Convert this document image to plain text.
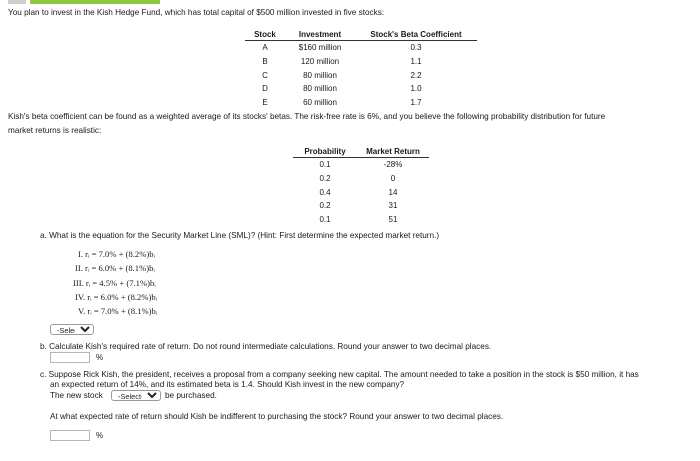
You plan to invest in the Kish Hedge Fund, which has total capital of $500 million invested in five stocks:
Stock	Investment	Stock's Beta Coefficient
A	$160 million	0.3
B	120 million	1.1
C	80 million	2.2
D	80 million	1.0
E	60 million	1.7
Kish's beta coefficient can be found as a weighted average of its stocks' betas. The risk-free rate is 6%, and you believe the following probability distribution for future
market returns is realistic:
Probability	Market Return
0.1	-28%
0.2	0
0.4	14
0.2	31
0.1	51
a. What is the equation for the Security Market Line (SML)? (Hint: First determine the expected market return.)
I. rᵢ = 7.0% + (8.2%)bᵢ
II. rᵢ = 6.0% + (8.1%)bᵢ
III. rᵢ = 4.5% + (7.1%)bᵢ
IV. rᵢ = 6.0% + (8.2%)bᵢ
V. rᵢ = 7.0% + (8.1%)bᵢ
-Select-
b. Calculate Kish's required rate of return. Do not round intermediate calculations. Round your answer to two decimal places.
%
c. Suppose Rick Kish, the president, receives a proposal from a company seeking new capital. The amount needed to take a position in the stock is $50 million, it has
an expected return of 14%, and its estimated beta is 1.4. Should Kish invest in the new company?
The new stock
-Select-	be purchased.
At what expected rate of return should Kish be indifferent to purchasing the stock? Round your answer to two decimal places.
%
